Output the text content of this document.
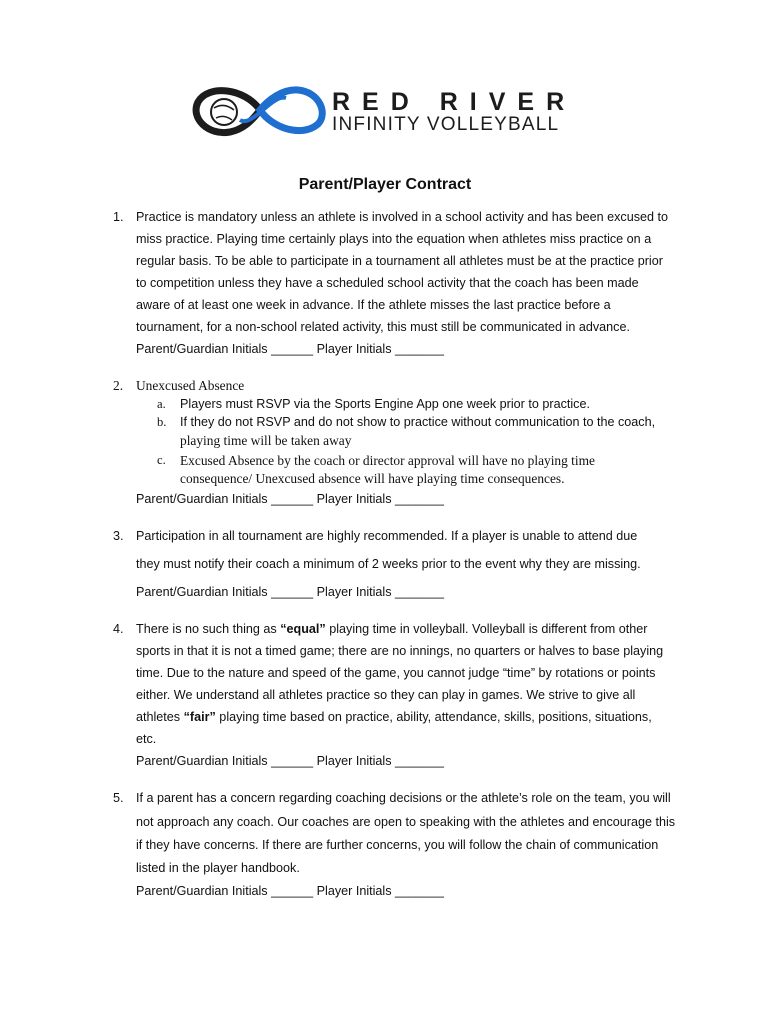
RED RIVER
INFINITY VOLLEYBALL
Parent/Player Contract
1. Practice is mandatory unless an athlete is involved in a school activity and has been excused to
miss practice. Playing time certainly plays into the equation when athletes miss practice on a
regular basis. To be able to participate in a tournament all athletes must be at the practice prior
to competition unless they have a scheduled school activity that the coach has been made
aware of at least one week in advance. If the athlete misses the last practice before a
tournament, for a non-school related activity, this must still be communicated in advance.
Parent/Guardian Initials ______ Player Initials _______
2. Unexcused Absence
a. Players must RSVP via the Sports Engine App one week prior to practice.
b. If they do not RSVP and do not show to practice without communication to the coach,
playing time will be taken away
c. Excused Absence by the coach or director approval will have no playing time
consequence/ Unexcused absence will have playing time consequences.
Parent/Guardian Initials ______ Player Initials _______
3. Participation in all tournament are highly recommended. If a player is unable to attend due
they must notify their coach a minimum of 2 weeks prior to the event why they are missing.
Parent/Guardian Initials ______ Player Initials _______
4. There is no such thing as “equal” playing time in volleyball. Volleyball is different from other
sports in that it is not a timed game; there are no innings, no quarters or halves to base playing
time. Due to the nature and speed of the game, you cannot judge “time” by rotations or points
either. We understand all athletes practice so they can play in games. We strive to give all
athletes “fair” playing time based on practice, ability, attendance, skills, positions, situations,
etc.
Parent/Guardian Initials ______ Player Initials _______
5. If a parent has a concern regarding coaching decisions or the athlete’s role on the team, you will
not approach any coach. Our coaches are open to speaking with the athletes and encourage this
if they have concerns. If there are further concerns, you will follow the chain of communication
listed in the player handbook.
Parent/Guardian Initials ______ Player Initials _______
